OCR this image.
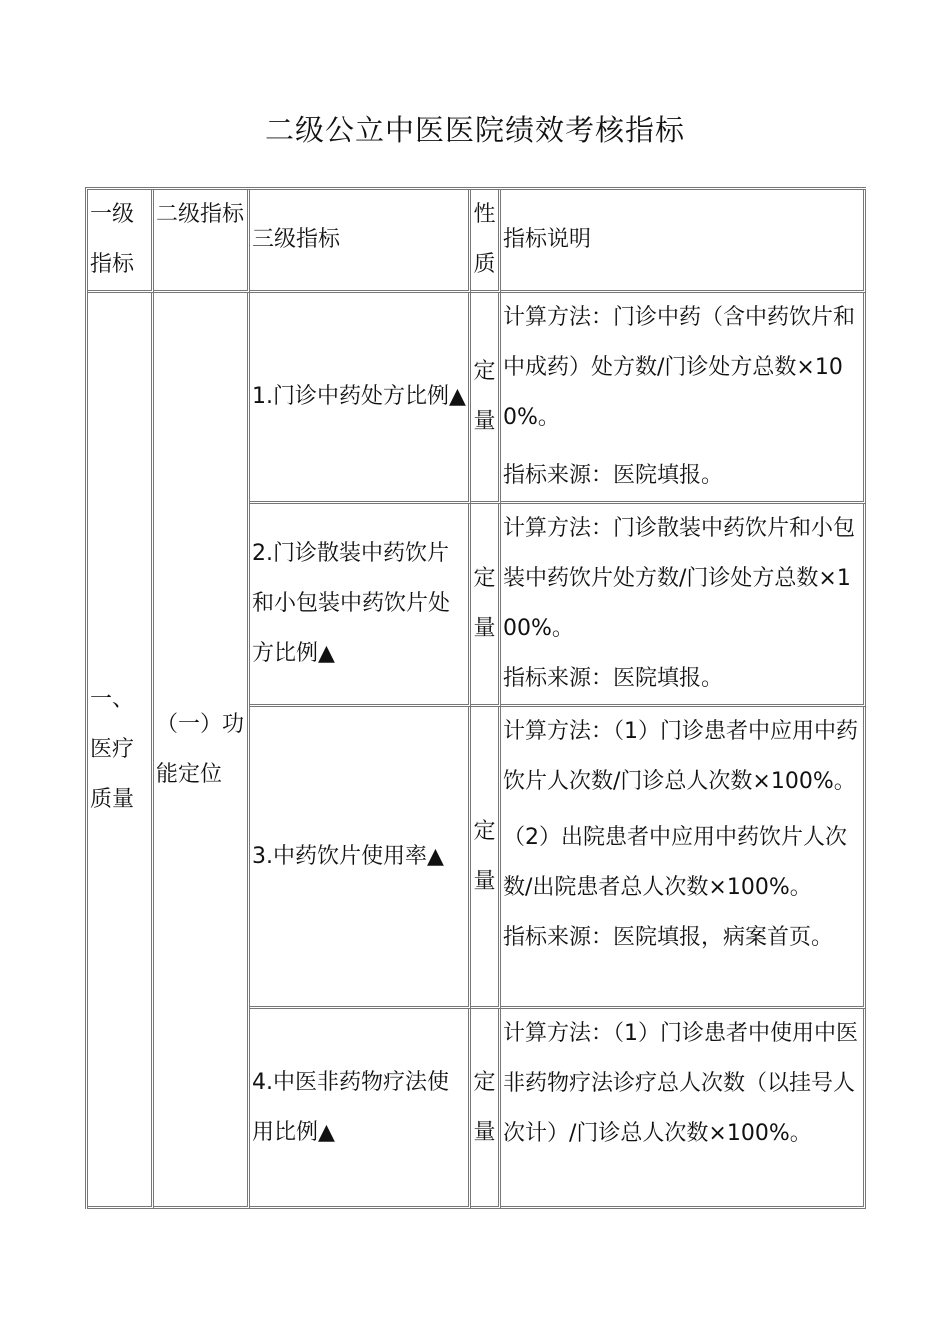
二级公立中医医院绩效考核指标
一级指标	二级指标	三级指标	性质	指标说明
一、医疗质量	（一）功能定位	1.门诊中药处方比例▲	定量	计算方法：门诊中药（含中药饮片和中成药）处方数/门诊处方总数×100%。

指标来源：医院填报。

		2.门诊散装中药饮片和小包装中药饮片处方比例▲	定量	计算方法：门诊散装中药饮片和小包装中药饮片处方数/门诊处方总数×100%。

指标来源：医院填报。

		3.中药饮片使用率▲	定量	计算方法：（1）门诊患者中应用中药饮片人次数/门诊总人次数×100%。

（2）出院患者中应用中药饮片人次数/出院患者总人次数×100%。

指标来源：医院填报，病案首页。

		4.中医非药物疗法使用比例▲	定量	计算方法：（1）门诊患者中使用中医非药物疗法诊疗总人次数（以挂号人次计）/门诊总人次数×100%。
